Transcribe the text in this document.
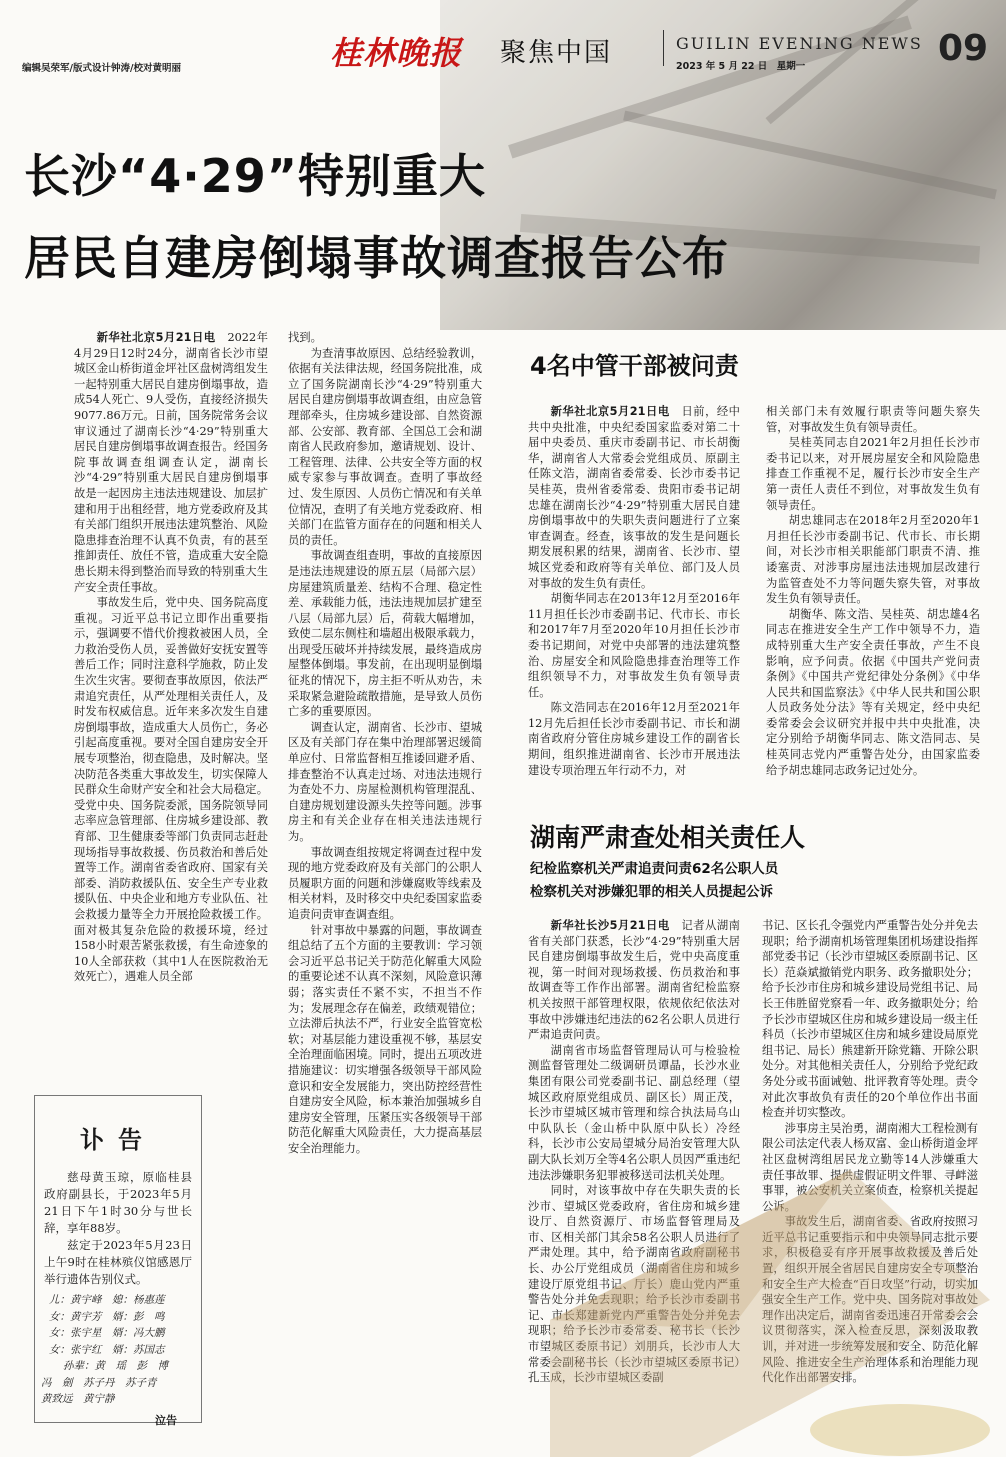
编辑吴荣军/版式设计钟涛/校对黄明丽	桂林晚报 聚焦中国	GUILIN EVENING NEWS
2023 年 5 月 22 日　星期一	09
长沙“4·29”特别重大
居民自建房倒塌事故调查报告公布

新华社北京5月21日电　 2022年4月29日12时24分，湖南省长沙市望城区金山桥街道金坪社区盘树湾组发生一起特别重大居民自建房倒塌事故，造成54人死亡、9人受伤，直接经济损失9077.86万元。日前，国务院常务会议审议通过了湖南长沙“4·29”特别重大居民自建房倒塌事故调查报告。经国务院事故调查组调查认定，湖南长沙“4·29”特别重大居民自建房倒塌事故是一起因房主违法违规建设、加层扩建和用于出租经营，地方党委政府及其有关部门组织开展违法建筑整治、风险隐患排查治理不认真不负责，有的甚至推卸责任、放任不管，造成重大安全隐患长期未得到整治而导致的特别重大生产安全责任事故。

事故发生后，党中央、国务院高度重视。习近平总书记立即作出重要指示，强调要不惜代价搜救被困人员，全力救治受伤人员，妥善做好安抚安置等善后工作；同时注意科学施救，防止发生次生灾害。要彻查事故原因，依法严肃追究责任，从严处理相关责任人，及时发布权威信息。近年来多次发生自建房倒塌事故，造成重大人员伤亡，务必引起高度重视。要对全国自建房安全开展专项整治，彻查隐患，及时解决。坚决防范各类重大事故发生，切实保障人民群众生命财产安全和社会大局稳定。受党中央、国务院委派，国务院领导同志率应急管理部、住房城乡建设部、教育部、卫生健康委等部门负责同志赶赴现场指导事故救援、伤员救治和善后处置等工作。湖南省委省政府、国家有关部委、消防救援队伍、安全生产专业救援队伍、中央企业和地方专业队伍、社会救援力量等全力开展抢险救援工作。面对极其复杂危险的救援环境，经过158小时艰苦紧张救援，有生命迹象的10人全部获救（其中1人在医院救治无效死亡），遇难人员全部

找到。

为查清事故原因、总结经验教训，依据有关法律法规，经国务院批准，成立了国务院湖南长沙“4·29”特别重大居民自建房倒塌事故调查组，由应急管理部牵头，住房城乡建设部、自然资源部、公安部、教育部、全国总工会和湖南省人民政府参加，邀请规划、设计、工程管理、法律、公共安全等方面的权威专家参与事故调查。查明了事故经过、发生原因、人员伤亡情况和有关单位情况，查明了有关地方党委政府、相关部门在监管方面存在的问题和相关人员的责任。

事故调查组查明，事故的直接原因是违法违规建设的原五层（局部六层）房屋建筑质量差、结构不合理、稳定性差、承载能力低，违法违规加层扩建至八层（局部九层）后，荷载大幅增加，致使二层东侧柱和墙超出极限承载力，出现受压破坏并持续发展，最终造成房屋整体倒塌。事发前，在出现明显倒塌征兆的情况下，房主拒不听从劝告，未采取紧急避险疏散措施，是导致人员伤亡多的重要原因。

调查认定，湖南省、长沙市、望城区及有关部门存在集中治理部署迟缓简单应付、日常监督相互推诿回避矛盾、排查整治不认真走过场、对违法违规行为查处不力、房屋检测机构管理混乱、自建房规划建设源头失控等问题。涉事房主和有关企业存在相关违法违规行为。

事故调查组按规定将调查过程中发现的地方党委政府及有关部门的公职人员履职方面的问题和涉嫌腐败等线索及相关材料，及时移交中央纪委国家监委追责问责审查调查组。

针对事故中暴露的问题，事故调查组总结了五个方面的主要教训：学习领会习近平总书记关于防范化解重大风险的重要论述不认真不深刻，风险意识薄弱；落实责任不紧不实，不担当不作为；发展理念存在偏差，政绩观错位；立法滞后执法不严，行业安全监管宽松软；对基层能力建设重视不够，基层安全治理面临困境。同时，提出五项改进措施建议：切实增强各级领导干部风险意识和安全发展能力，突出防控经营性自建房安全风险，标本兼治加强城乡自建房安全管理，压紧压实各级领导干部防范化解重大风险责任，大力提高基层安全治理能力。

4名中管干部被问责

新华社北京5月21日电　 日前，经中共中央批准，中央纪委国家监委对第二十届中央委员、重庆市委副书记、市长胡衡华，湖南省人大常委会党组成员、原副主任陈文浩，湖南省委常委、长沙市委书记吴桂英，贵州省委常委、贵阳市委书记胡忠雄在湖南长沙“4·29”特别重大居民自建房倒塌事故中的失职失责问题进行了立案审查调查。经查，该事故的发生是问题长期发展积累的结果，湖南省、长沙市、望城区党委和政府等有关单位、部门及人员对事故的发生负有责任。

胡衡华同志在2013年12月至2016年11月担任长沙市委副书记、代市长、市长和2017年7月至2020年10月担任长沙市委书记期间，对党中央部署的违法建筑整治、房屋安全和风险隐患排查治理等工作组织领导不力，对事故发生负有领导责任。

陈文浩同志在2016年12月至2021年12月先后担任长沙市委副书记、市长和湖南省政府分管住房城乡建设工作的副省长期间，组织推进湖南省、长沙市开展违法建设专项治理五年行动不力，对

相关部门未有效履行职责等问题失察失管，对事故发生负有领导责任。

吴桂英同志自2021年2月担任长沙市委书记以来，对开展房屋安全和风险隐患排查工作重视不足，履行长沙市安全生产第一责任人责任不到位，对事故发生负有领导责任。

胡忠雄同志在2018年2月至2020年1月担任长沙市委副书记、代市长、市长期间，对长沙市相关职能部门职责不清、推诿塞责、对涉事房屋违法违规加层改建行为监管查处不力等问题失察失管，对事故发生负有领导责任。

胡衡华、陈文浩、吴桂英、胡忠雄4名同志在推进安全生产工作中领导不力，造成特别重大生产安全责任事故，产生不良影响，应予问责。依据《中国共产党问责条例》《中国共产党纪律处分条例》《中华人民共和国监察法》《中华人民共和国公职人员政务处分法》等有关规定，经中央纪委常委会会议研究并报中共中央批准，决定分别给予胡衡华同志、陈文浩同志、吴桂英同志党内严重警告处分，由国家监委给予胡忠雄同志政务记过处分。

湖南严肃查处相关责任人
纪检监察机关严肃追责问责62名公职人员
检察机关对涉嫌犯罪的相关人员提起公诉

新华社长沙5月21日电　 记者从湖南省有关部门获悉，长沙“4·29”特别重大居民自建房倒塌事故发生后，党中央高度重视，第一时间对现场救援、伤员救治和事故调查等工作作出部署。湖南省纪检监察机关按照干部管理权限，依规依纪依法对事故中涉嫌违纪违法的62名公职人员进行严肃追责问责。

湖南省市场监督管理局认可与检验检测监督管理处二级调研员谭晶，长沙水业集团有限公司党委副书记、副总经理（望城区政府原党组成员、副区长）周正茂，长沙市望城区城市管理和综合执法局乌山中队队长（金山桥中队原中队长）冷经科，长沙市公安局望城分局治安管理大队副大队长刘万全等4名公职人员因严重违纪违法涉嫌职务犯罪被移送司法机关处理。

同时，对该事故中存在失职失责的长沙市、望城区党委政府，省住房和城乡建设厅、自然资源厅、市场监督管理局及市、区相关部门其余58名公职人员进行了严肃处理。其中，给予湖南省政府副秘书长、办公厅党组成员（湖南省住房和城乡建设厅原党组书记、厅长）鹿山党内严重警告处分并免去现职；给予长沙市委副书记、市长郑建新党内严重警告处分并免去现职；给予长沙市委常委、秘书长（长沙市望城区委原书记）刘朋兵，长沙市人大常委会副秘书长（长沙市望城区委原书记）孔玉成，长沙市望城区委副

书记、区长孔令强党内严重警告处分并免去现职；给予湖南机场管理集团机场建设指挥部党委书记（长沙市望城区委原副书记、区长）范焱斌撤销党内职务、政务撤职处分；给予长沙市住房和城乡建设局党组书记、局长王伟胜留党察看一年、政务撤职处分；给予长沙市望城区住房和城乡建设局一级主任科员（长沙市望城区住房和城乡建设局原党组书记、局长）熊建新开除党籍、开除公职处分。对其他相关责任人，分别给予党纪政务处分或书面诫勉、批评教育等处理。责令对此次事故负有责任的20个单位作出书面检查并切实整改。

涉事房主吴治勇，湖南湘大工程检测有限公司法定代表人杨双富、金山桥街道金坪社区盘树湾组居民龙立勤等14人涉嫌重大责任事故罪、提供虚假证明文件罪、寻衅滋事罪，被公安机关立案侦查，检察机关提起公诉。

事故发生后，湖南省委、省政府按照习近平总书记重要指示和中央领导同志批示要求，积极稳妥有序开展事故救援及善后处置，组织开展全省居民自建房安全专项整治和安全生产大检查“百日攻坚”行动，切实加强安全生产工作。党中央、国务院对事故处理作出决定后，湖南省委迅速召开常委会会议贯彻落实，深入检查反思，深刻汲取教训，并对进一步统筹发展和安全、防范化解风险、推进安全生产治理体系和治理能力现代化作出部署安排。

讣告

慈母黄玉琼，原临桂县政府副县长，于2023年5月21日下午1时30分与世长辞，享年88岁。

兹定于2023年5月23日上午9时在桂林殡仪馆感恩厅举行遗体告别仪式。

儿：黄宇峰　媳：杨惠莲
女：黄宇芳　婿：彭　鸣
女：张宇星　婿：冯大鹏
女：张宇红　婿：苏国志
孙辈：黄　瑶　彭　博
冯　劍　苏子丹　苏子青
黄致远　黄宁静
泣告
